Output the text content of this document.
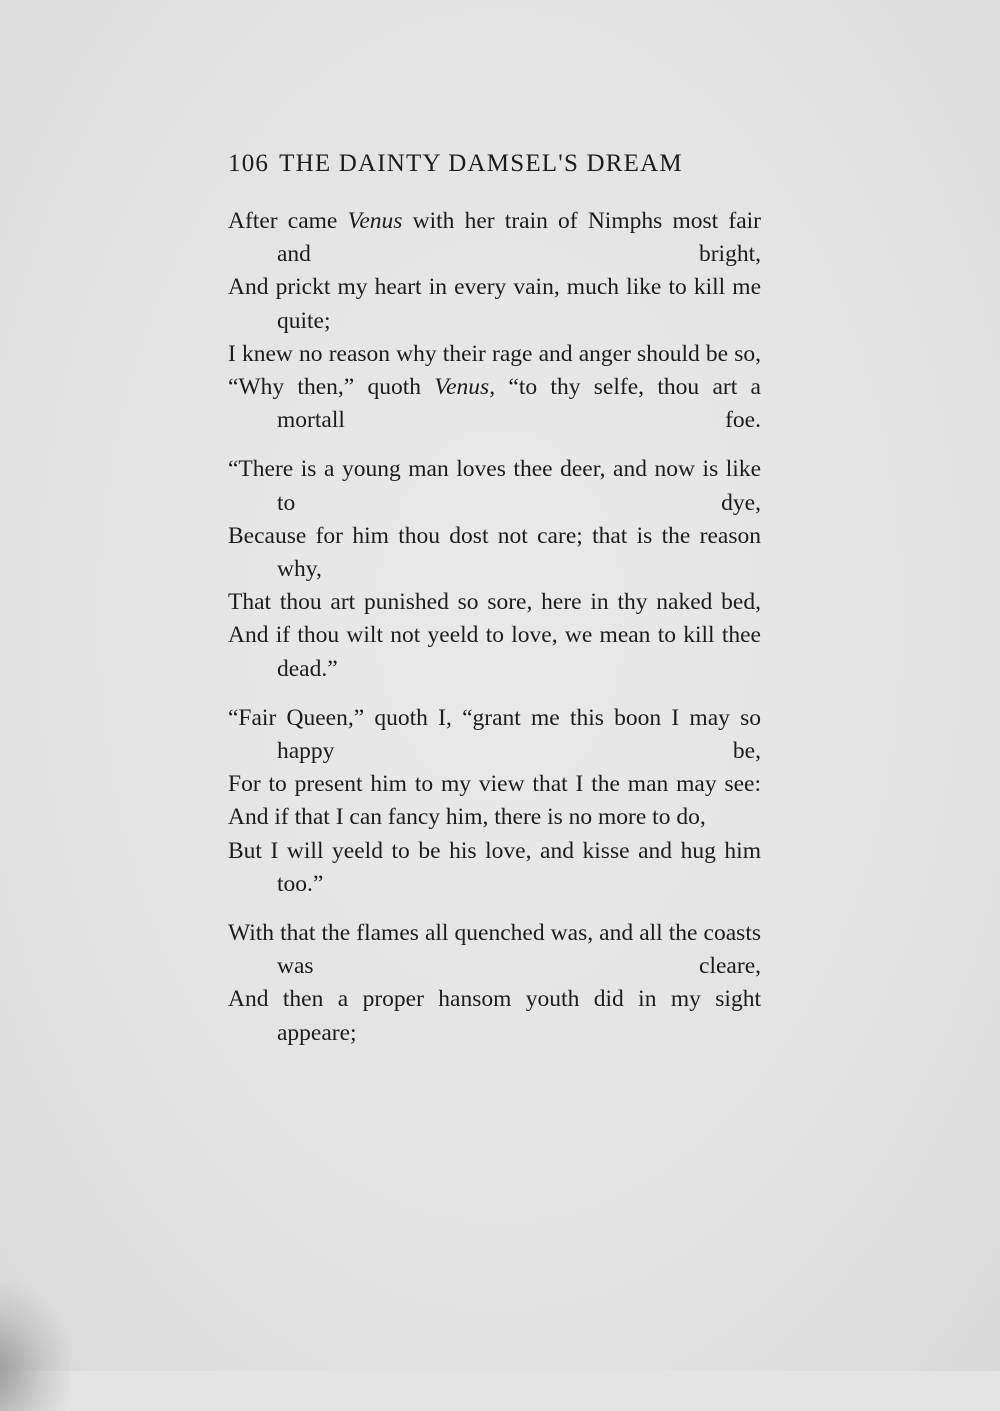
106 THE DAINTY DAMSEL'S DREAM
After came Venus with her train of Nimphs most fair and bright,
And prickt my heart in every vain, much like to kill me quite;
I knew no reason why their rage and anger should be so,
“Why then,” quoth Venus, “to thy selfe, thou art a mortall foe.
“There is a young man loves thee deer, and now is like to dye,
Because for him thou dost not care; that is the reason why,
That thou art punished so sore, here in thy naked bed,
And if thou wilt not yeeld to love, we mean to kill thee dead.”
“Fair Queen,” quoth I, “grant me this boon I may so happy be,
For to present him to my view that I the man may see:
And if that I can fancy him, there is no more to do,
But I will yeeld to be his love, and kisse and hug him too.”
With that the flames all quenched was, and all the coasts was cleare,
And then a proper hansom youth did in my sight appeare;
